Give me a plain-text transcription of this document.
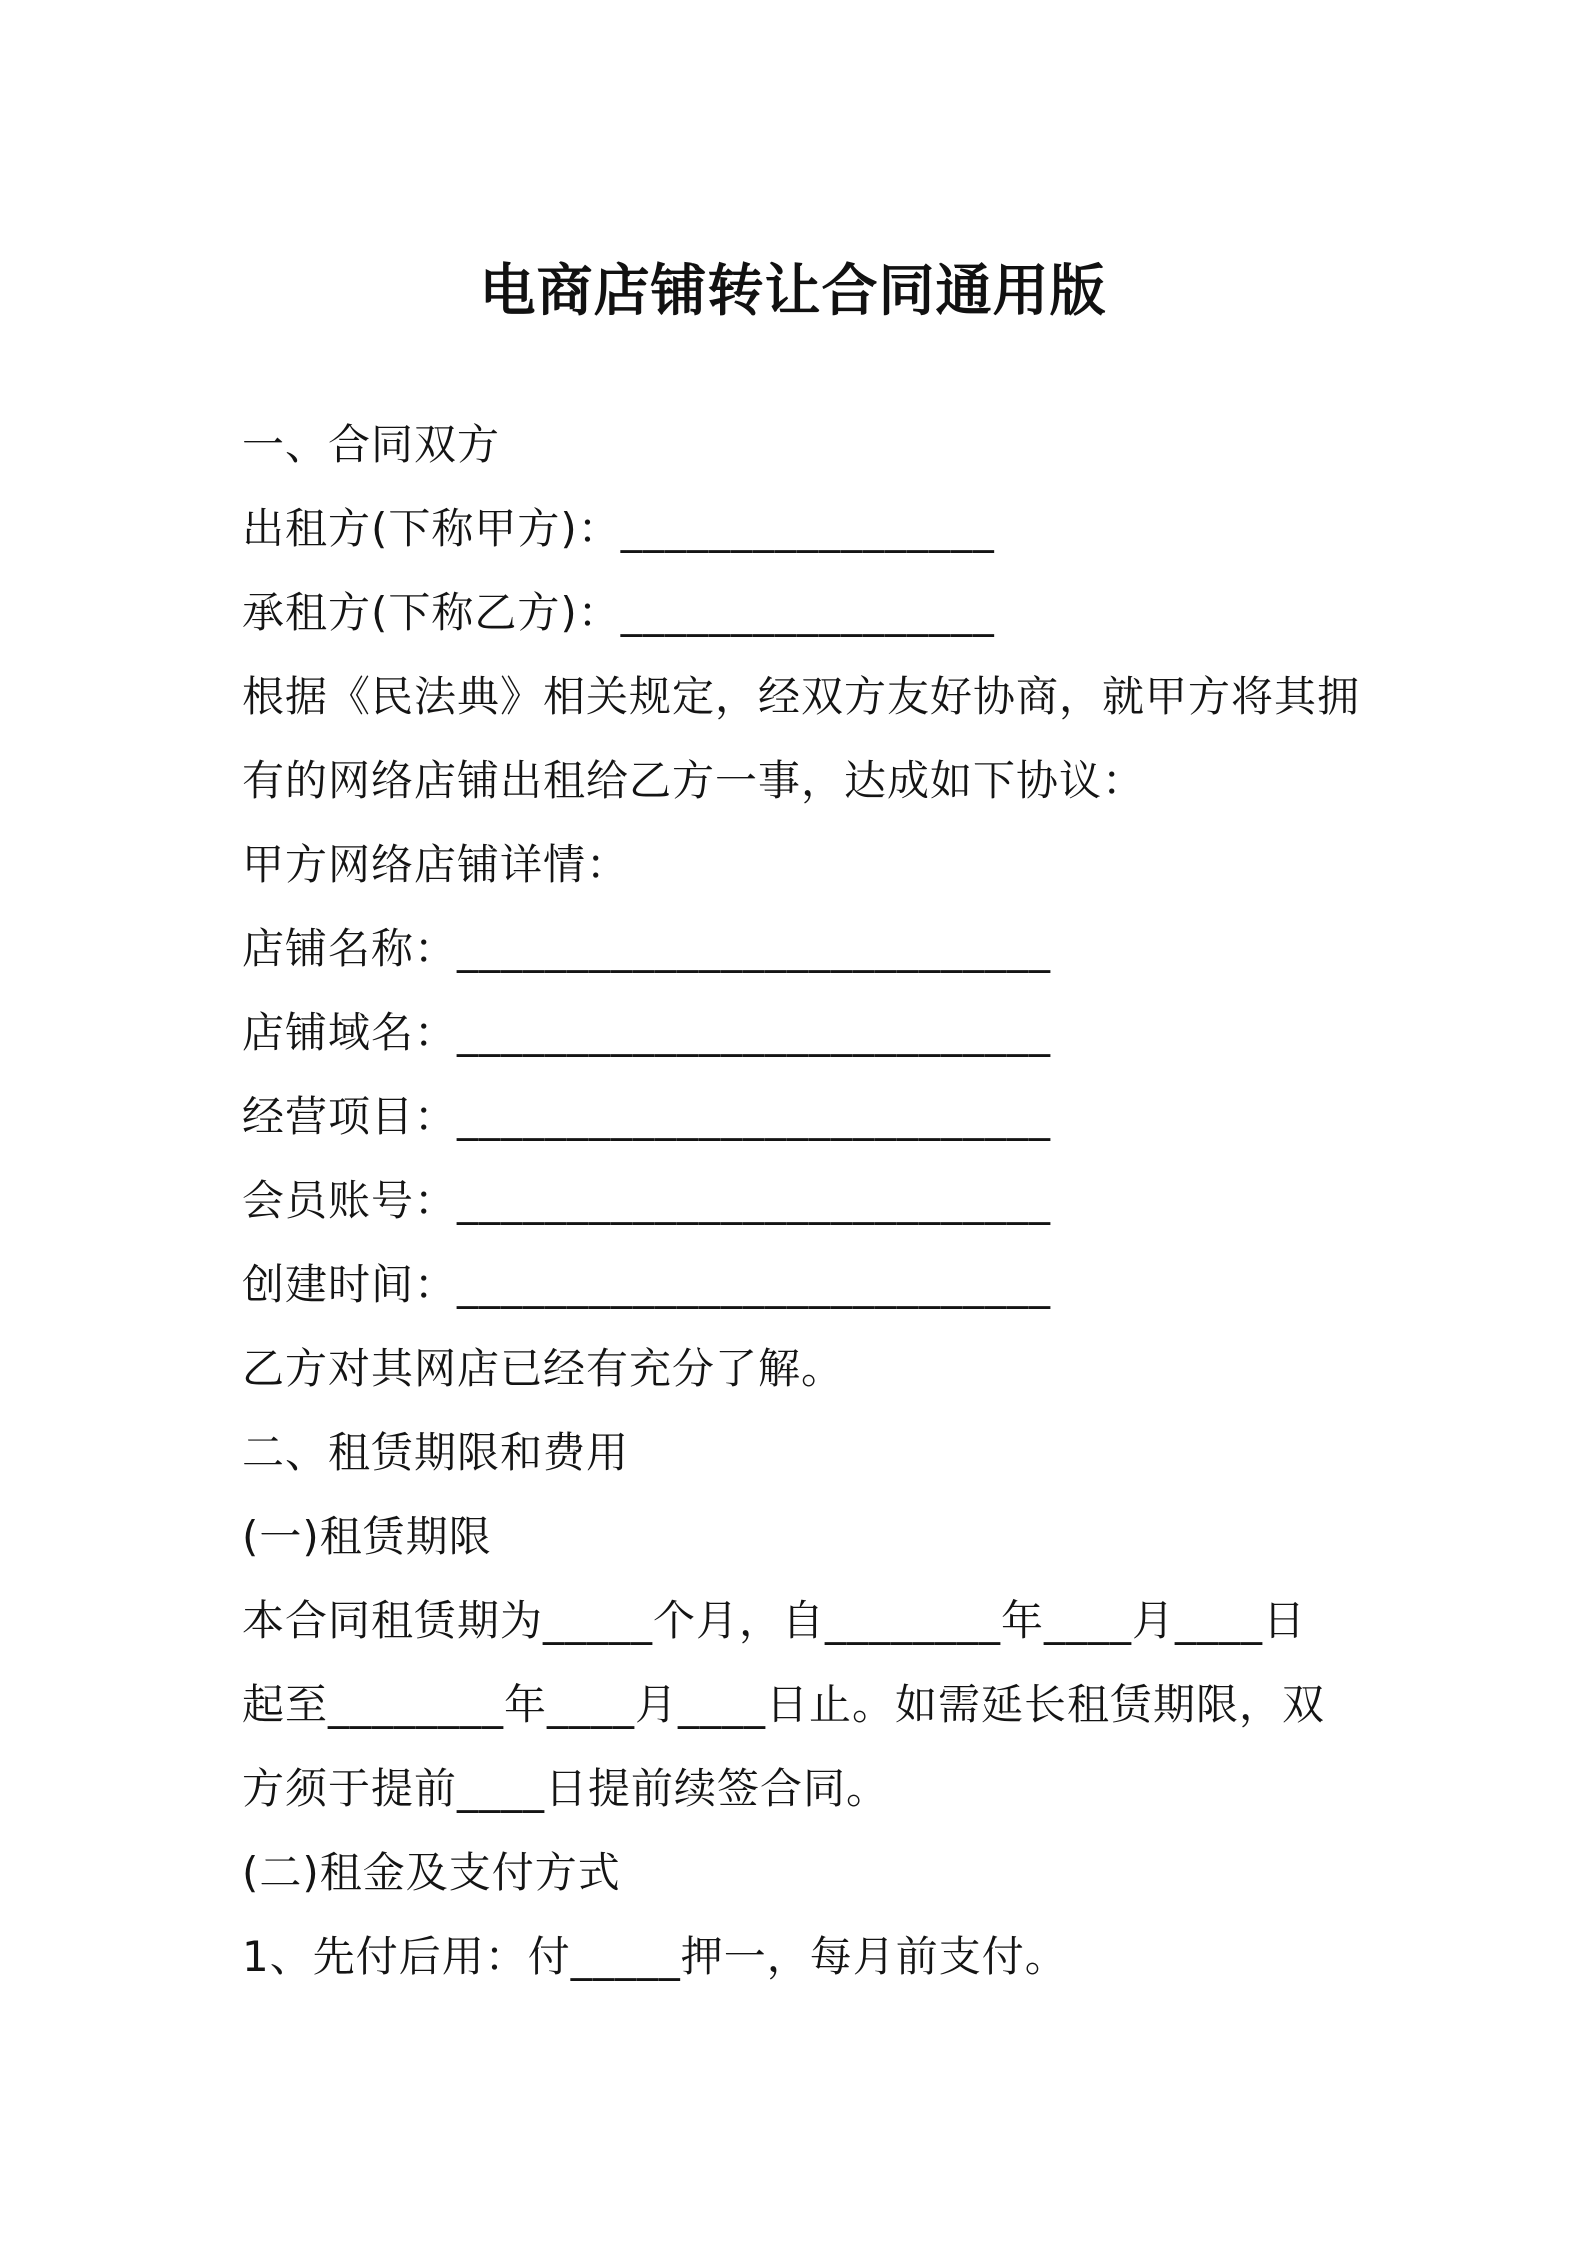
电商店铺转让合同通用版
一、合同双方
出租方(下称甲方)：_________________
承租方(下称乙方)：_________________
根据《民法典》相关规定，经双方友好协商，就甲方将其拥
有的网络店铺出租给乙方一事，达成如下协议：
甲方网络店铺详情：
店铺名称：___________________________
店铺域名：___________________________
经营项目：___________________________
会员账号：___________________________
创建时间：___________________________
乙方对其网店已经有充分了解。
二、租赁期限和费用
(一)租赁期限
本合同租赁期为_____个月，自________年____月____日
起至________年____月____日止。如需延长租赁期限，双
方须于提前____日提前续签合同。
(二)租金及支付方式
1、先付后用：付_____押一，每月前支付。
